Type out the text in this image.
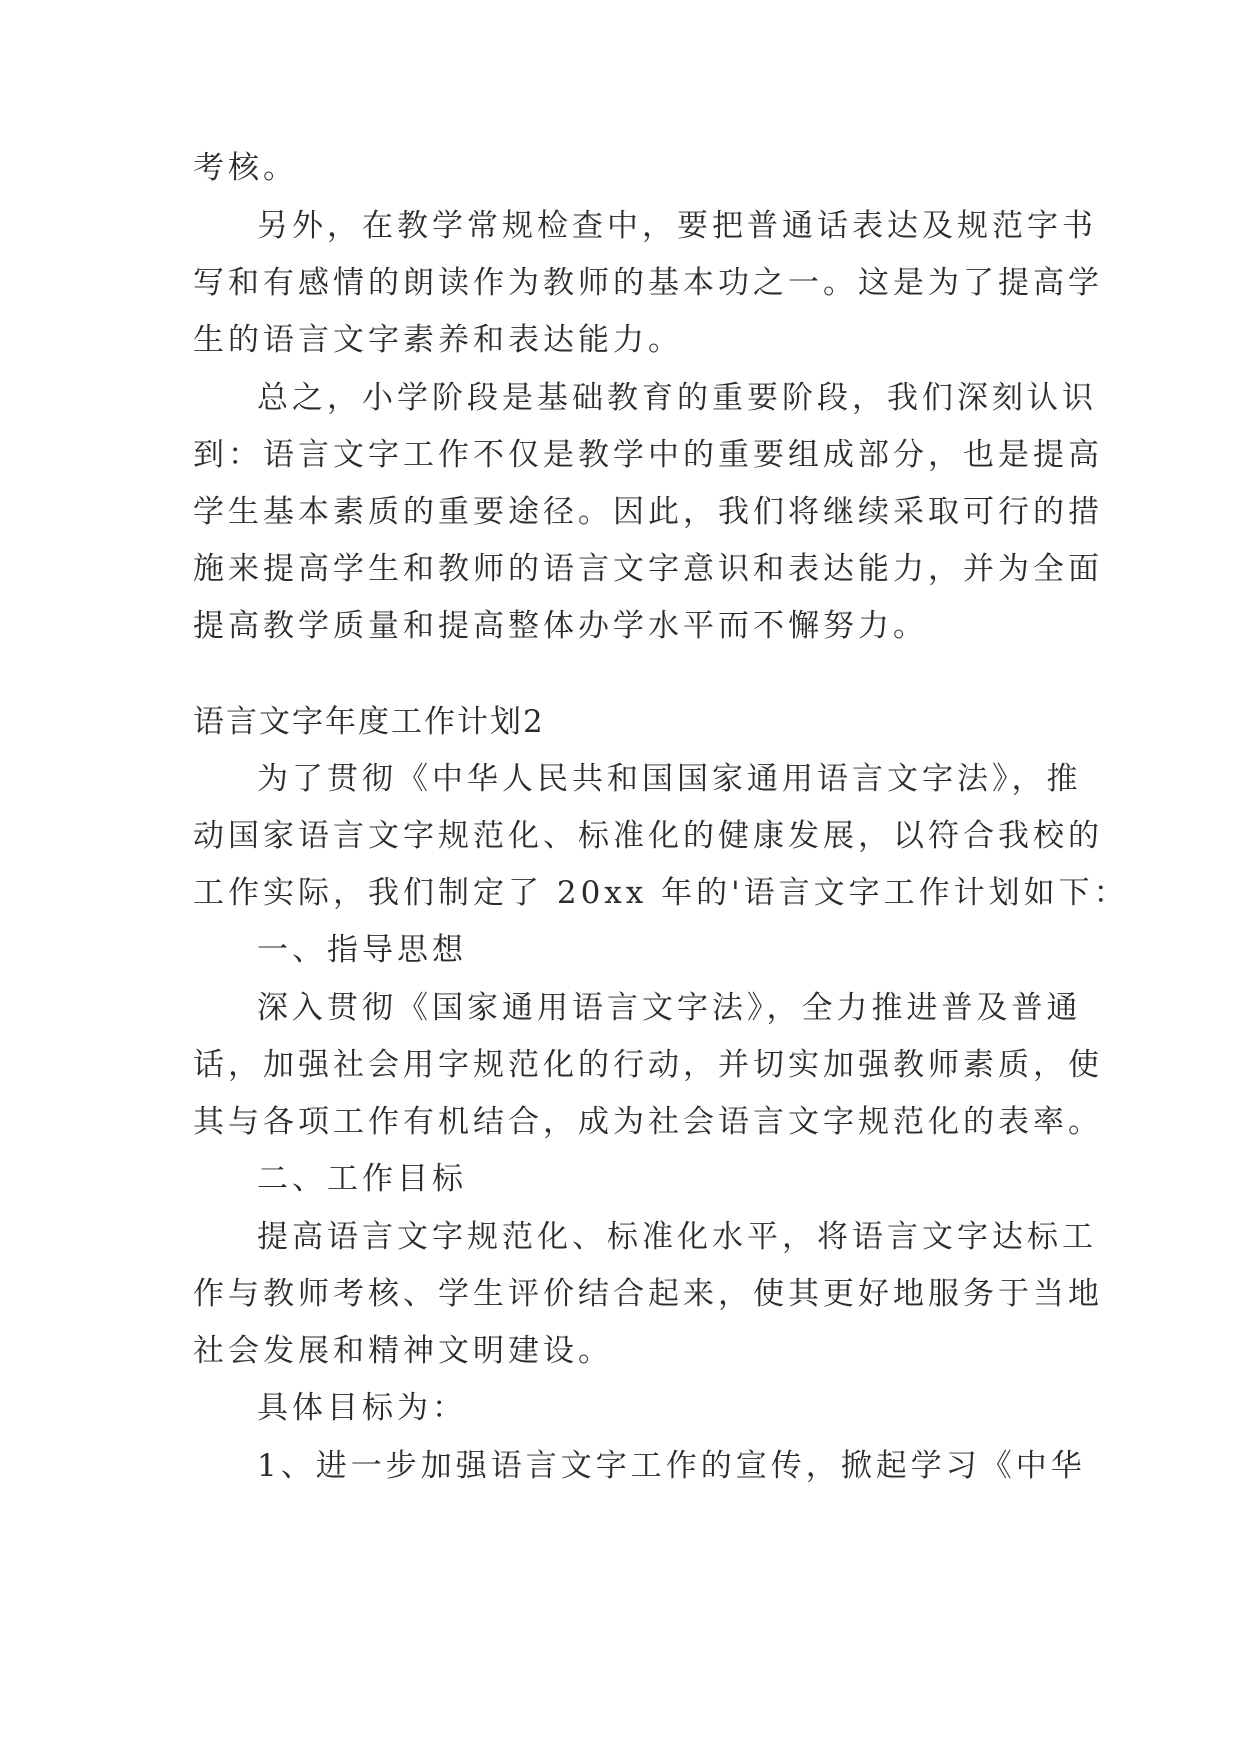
考核。

另外，在教学常规检查中，要把普通话表达及规范字书

写和有感情的朗读作为教师的基本功之一。这是为了提高学

生的语言文字素养和表达能力。

总之，小学阶段是基础教育的重要阶段，我们深刻认识

到：语言文字工作不仅是教学中的重要组成部分，也是提高

学生基本素质的重要途径。因此，我们将继续采取可行的措

施来提高学生和教师的语言文字意识和表达能力，并为全面

提高教学质量和提高整体办学水平而不懈努力。

语言文字年度工作计划2

为了贯彻《中华人民共和国国家通用语言文字法》，推

动国家语言文字规范化、标准化的健康发展，以符合我校的

工作实际，我们制定了 20xx 年的'语言文字工作计划如下：

一、指导思想

深入贯彻《国家通用语言文字法》，全力推进普及普通

话，加强社会用字规范化的行动，并切实加强教师素质，使

其与各项工作有机结合，成为社会语言文字规范化的表率。

二、工作目标

提高语言文字规范化、标准化水平，将语言文字达标工

作与教师考核、学生评价结合起来，使其更好地服务于当地

社会发展和精神文明建设。

具体目标为：

1、进一步加强语言文字工作的宣传，掀起学习《中华
